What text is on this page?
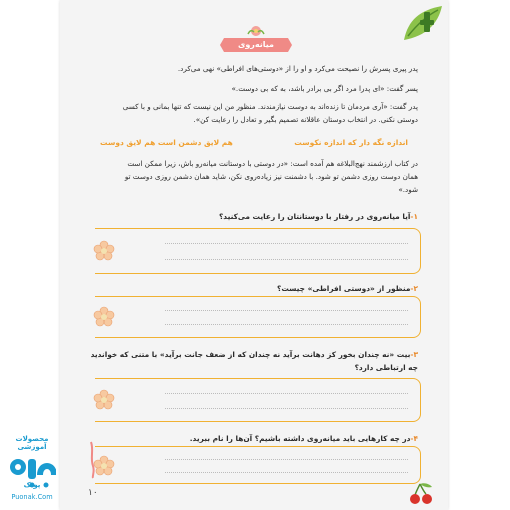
میانه‌روی
پدر پیری پسرش را نصیحت می‌کرد و او را از «دوستی‌های افراطی» نهی می‌کرد.
پسر گفت: «ای پدرا مرد اگر بی برادر باشد، به که بی دوست.»
پدر گفت: «آری مردمان تا زنده‌اند به دوست نیازمندند. منظور من این نیست که تنها بمانی و با کسی
دوستی نکنی. در انتخاب دوستان عاقلانه تصمیم بگیر و تعادل را رعایت کن».
اندازه نگه دار که اندازه نکوست
هم لایق دشمن است هم لایق دوست
در کتاب ارزشمند نهج‌البلاغه هم آمده است: «در دوستی با دوستانت میانه‌رو باش، زیرا ممکن است
همان دوست روزی دشمن تو شود. با دشمنت نیز زیاده‌روی نکن، شاید همان دشمن روزی دوست تو
شود.»
۱-آیا میانه‌روی در رفتار با دوستانتان را رعایت می‌کنید؟
۲-منظور از «دوستی افراطی» چیست؟
۳-بیت «نه چندان بخور کز دهانت برآید نه چندان که از ضعف جانت برآید» با متنی که خواندید
چه ارتباطی دارد؟
۴-در چه کارهایی باید میانه‌روی داشته باشیم؟ آن‌ها را نام ببرید.
۱۰
محصولات آموزشی
پونک
Puonak.Com
